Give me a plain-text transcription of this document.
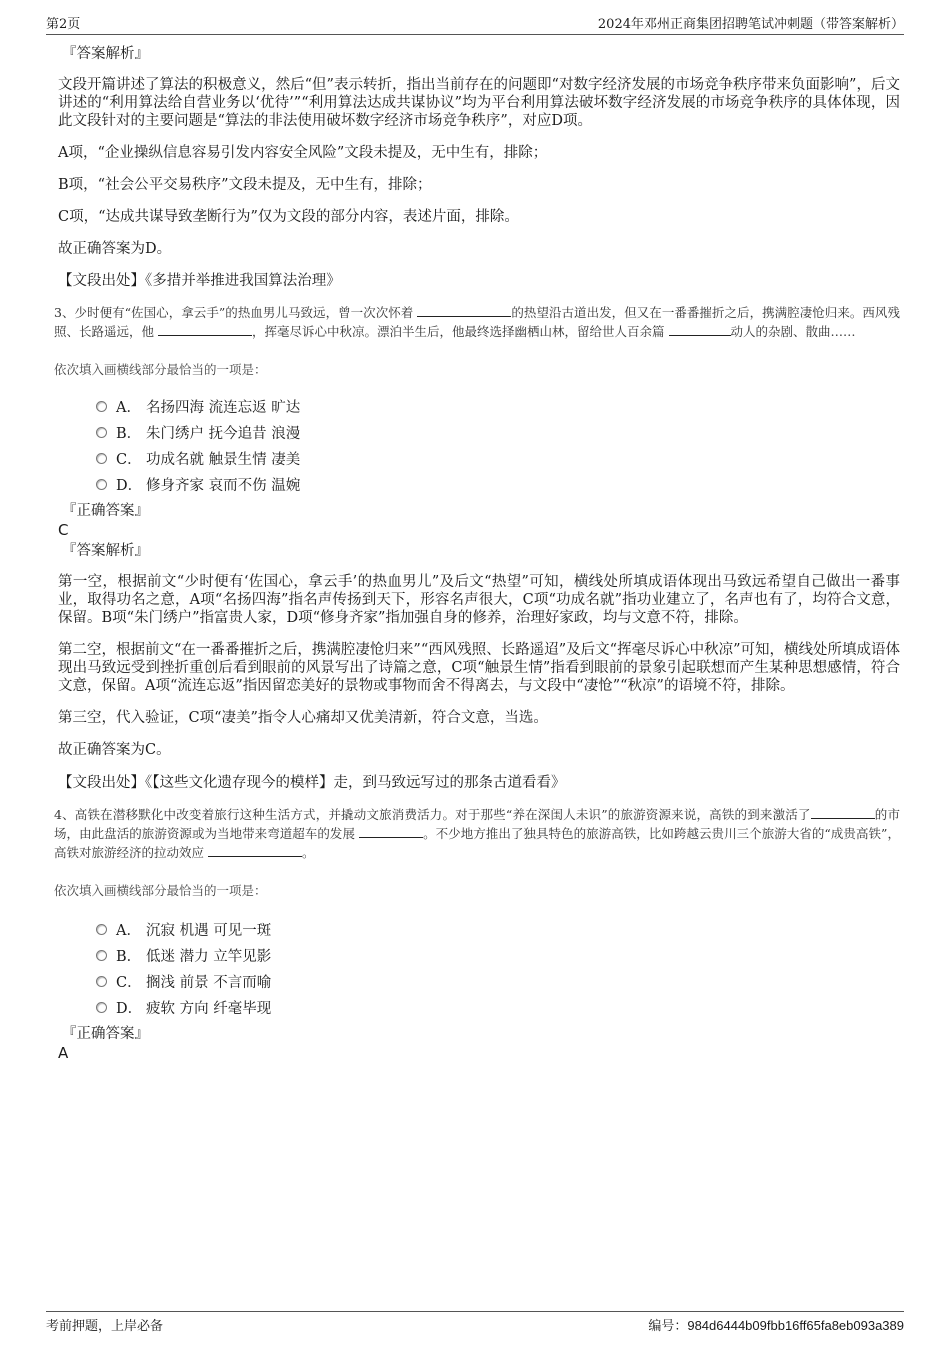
第2页	2024年邓州正商集团招聘笔试冲刺题（带答案解析）
『答案解析』

文段开篇讲述了算法的积极意义，然后“但”表示转折，指出当前存在的问题即“对数字经济发展的市场竞争秩序带来负面影响”，后文讲述的“利用算法给自营业务以‘优待’”“利用算法达成共谋协议”均为平台利用算法破坏数字经济发展的市场竞争秩序的具体体现，因此文段针对的主要问题是“算法的非法使用破坏数字经济市场竞争秩序”，对应D项。

A项，“企业操纵信息容易引发内容安全风险”文段未提及，无中生有，排除；

B项，“社会公平交易秩序”文段未提及，无中生有，排除；

C项，“达成共谋导致垄断行为”仅为文段的部分内容，表述片面，排除。

故正确答案为D。

【文段出处】《多措并举推进我国算法治理》

3、少时便有“佐国心，拿云手”的热血男儿马致远，曾一次次怀着	的热望沿古道出发，但又在一番番摧折之后，携满腔凄怆归来。西风残照、长路遥远，他	，挥毫尽诉心中秋凉。漂泊半生后，他最终选择幽栖山林，留给世人百余篇	动人的杂剧、散曲……

依次填入画横线部分最恰当的一项是：
A． 名扬四海 流连忘返 旷达
B． 朱门绣户 抚今追昔 浪漫
C． 功成名就 触景生情 凄美
D． 修身齐家 哀而不伤 温婉
『正确答案』
C
『答案解析』

第一空，根据前文“少时便有‘佐国心，拿云手’的热血男儿”及后文“热望”可知，横线处所填成语体现出马致远希望自己做出一番事业，取得功名之意，A项“名扬四海”指名声传扬到天下，形容名声很大，C项“功成名就”指功业建立了，名声也有了，均符合文意，保留。B项“朱门绣户”指富贵人家，D项“修身齐家”指加强自身的修养，治理好家政，均与文意不符，排除。

第二空，根据前文“在一番番摧折之后，携满腔凄怆归来”“西风残照、长路遥迢”及后文“挥毫尽诉心中秋凉”可知，横线处所填成语体现出马致远受到挫折重创后看到眼前的风景写出了诗篇之意，C项“触景生情”指看到眼前的景象引起联想而产生某种思想感情，符合文意，保留。A项“流连忘返”指因留恋美好的景物或事物而舍不得离去，与文段中“凄怆”“秋凉”的语境不符，排除。

第三空，代入验证，C项“凄美”指令人心痛却又优美清新，符合文意，当选。

故正确答案为C。

【文段出处】《【这些文化遗存现今的模样】走，到马致远写过的那条古道看看》

4、高铁在潜移默化中改变着旅行这种生活方式，并撬动文旅消费活力。对于那些“养在深闺人未识”的旅游资源来说，高铁的到来激活了	的市场，由此盘活的旅游资源或为当地带来弯道超车的发展	。不少地方推出了独具特色的旅游高铁，比如跨越云贵川三个旅游大省的“成贵高铁”，高铁对旅游经济的拉动效应	。

依次填入画横线部分最恰当的一项是：
A． 沉寂 机遇 可见一斑
B． 低迷 潜力 立竿见影
C． 搁浅 前景 不言而喻
D． 疲软 方向 纤毫毕现
『正确答案』
A
考前押题，上岸必备	编号：984d6444b09fbb16ff65fa8eb093a389
